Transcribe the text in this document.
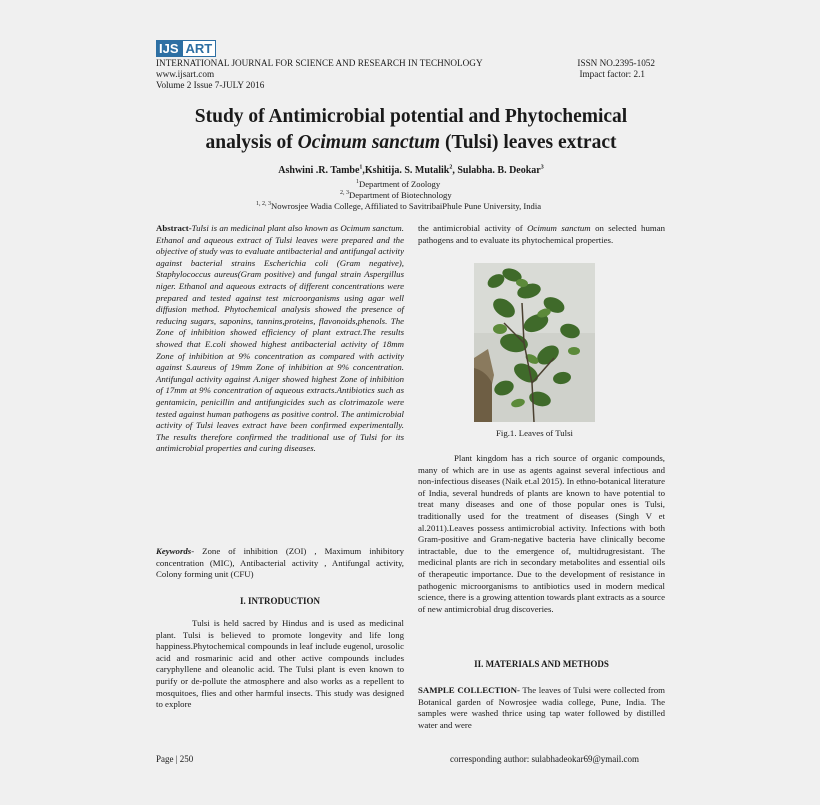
IJS ART
INTERNATIONAL JOURNAL FOR SCIENCE AND RESEARCH IN TECHNOLOGY
www.ijsart.com
Volume 2 Issue 7-JULY 2016
ISSN NO.2395-1052
Impact factor: 2.1
Study of Antimicrobial potential and Phytochemical
analysis of Ocimum sanctum (Tulsi) leaves extract
Ashwini .R. Tambe$^1$,Kshitija. S. Mutalik$^2$, Sulabha. B. Deokar$^3$
$^1$Department of Zoology
$^{2, 3}$Department of Biotechnology
$^{1, 2, 3}$Nowrosjee Wadia College, Affiliated to SavitribaiPhule Pune University, India

Abstract-Tulsi is an medicinal plant also known as Ocimum sanctum. Ethanol and aqueous extract of Tulsi leaves were prepared and the objective of study was to evaluate antibacterial and antifungal activity against bacterial strains Escherichia coli (Gram negative), Staphylococcus aureus(Gram positive) and fungal strain Aspergillus niger. Ethanol and aqueous extracts of different concentrations were prepared and tested against test microorganisms using agar well diffusion method. Phytochemical analysis showed the presence of reducing sugars, saponins, tannins,proteins, flavonoids,phenols. The Zone of inhibition showed efficiency of plant extract.The results showed that E.coli showed highest antibacterial activity of 18mm Zone of inhibition at 9% concentration as compared with activity against S.aureus of 19mm Zone of inhibition at 9% concentration. Antifungal activity against A.niger showed highest Zone of inhibition of 17mm at 9% concentration of aqueous extracts.Antibiotics such as gentamicin, penicillin and antifungicides such as clotrimazole were tested against human pathogens as positive control. The antimicrobial activity of Tulsi leaves extract have been confirmed experimentally. The results therefore confirmed the traditional use of Tulsi for its antimicrobial properties and curing diseases.

Keywords- Zone of inhibition (ZOI) , Maximum inhibitory concentration (MIC), Antibacterial activity , Antifungal activity, Colony forming unit (CFU)

I. INTRODUCTION

Tulsi is held sacred by Hindus and is used as medicinal plant. Tulsi is believed to promote longevity and life long happiness.Phytochemical compounds in leaf include eugenol, urosolic acid and rosmarinic acid and other active compounds includes caryphyllene and oleanolic acid. The Tulsi plant is even known to purify or de-pollute the atmosphere and also works as a repellent to mosquitoes, flies and other harmful insects. This study was designed to explore

the antimicrobial activity of Ocimum sanctum on selected human pathogens and to evaluate its phytochemical properties.

Fig.1. Leaves of Tulsi

Plant kingdom has a rich source of organic compounds, many of which are in use as agents against several infectious and non-infectious diseases (Naik et.al 2015). In ethno-botanical literature of India, several hundreds of plants are known to have potential to treat many diseases and one of those popular ones is Tulsi, traditionally used for the treatment of diseases (Singh V et al.2011).Leaves possess antimicrobial activity. Infections with both Gram-positive and Gram-negative bacteria have clinically become intractable, due to the emergence of, multidrugresistant. The medicinal plants are rich in secondary metabolites and essential oils of therapeutic importance. Due to the development of resistance in pathogenic microorganisms to antibiotics used in modern medical science, there is a growing attention towards plant extracts as a source of new antimicrobial drug discoveries.

II. MATERIALS AND METHODS

SAMPLE COLLECTION- The leaves of Tulsi were collected from Botanical garden of Nowrosjee wadia college, Pune, India. The samples were washed thrice using tap water followed by distilled water and were

Page | 250	corresponding author: sulabhadeokar69@ymail.com
